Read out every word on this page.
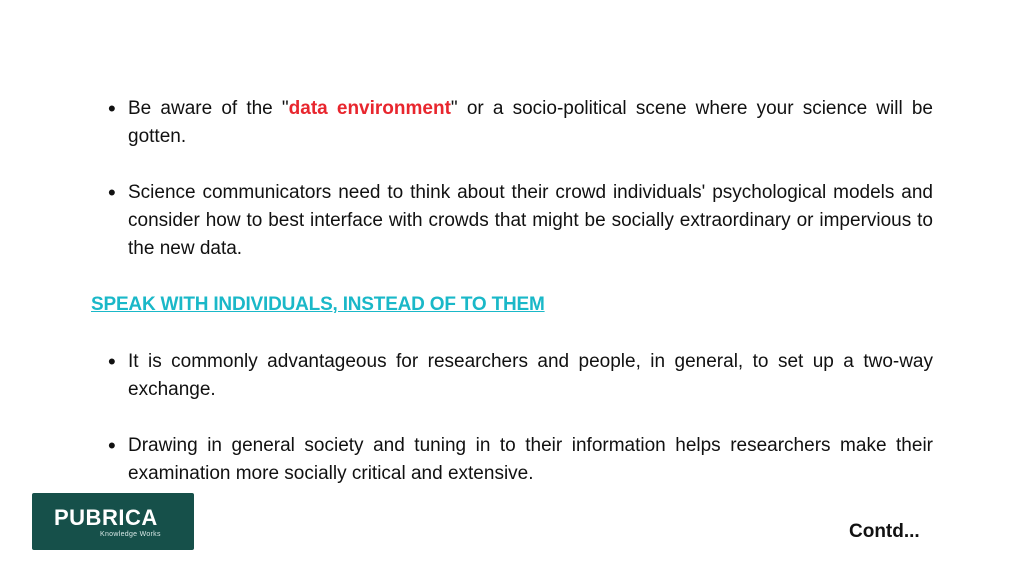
• Be aware of the "data environment" or a socio-political scene where your science will be gotten.
• Science communicators need to think about their crowd individuals' psychological models and consider how to best interface with crowds that might be socially extraordinary or impervious to the new data.
SPEAK WITH INDIVIDUALS, INSTEAD OF TO THEM
• It is commonly advantageous for researchers and people, in general, to set up a two-way exchange.
• Drawing in general society and tuning in to their information helps researchers make their examination more socially critical and extensive.
PUBRICA
Knowledge Works	Contd...
